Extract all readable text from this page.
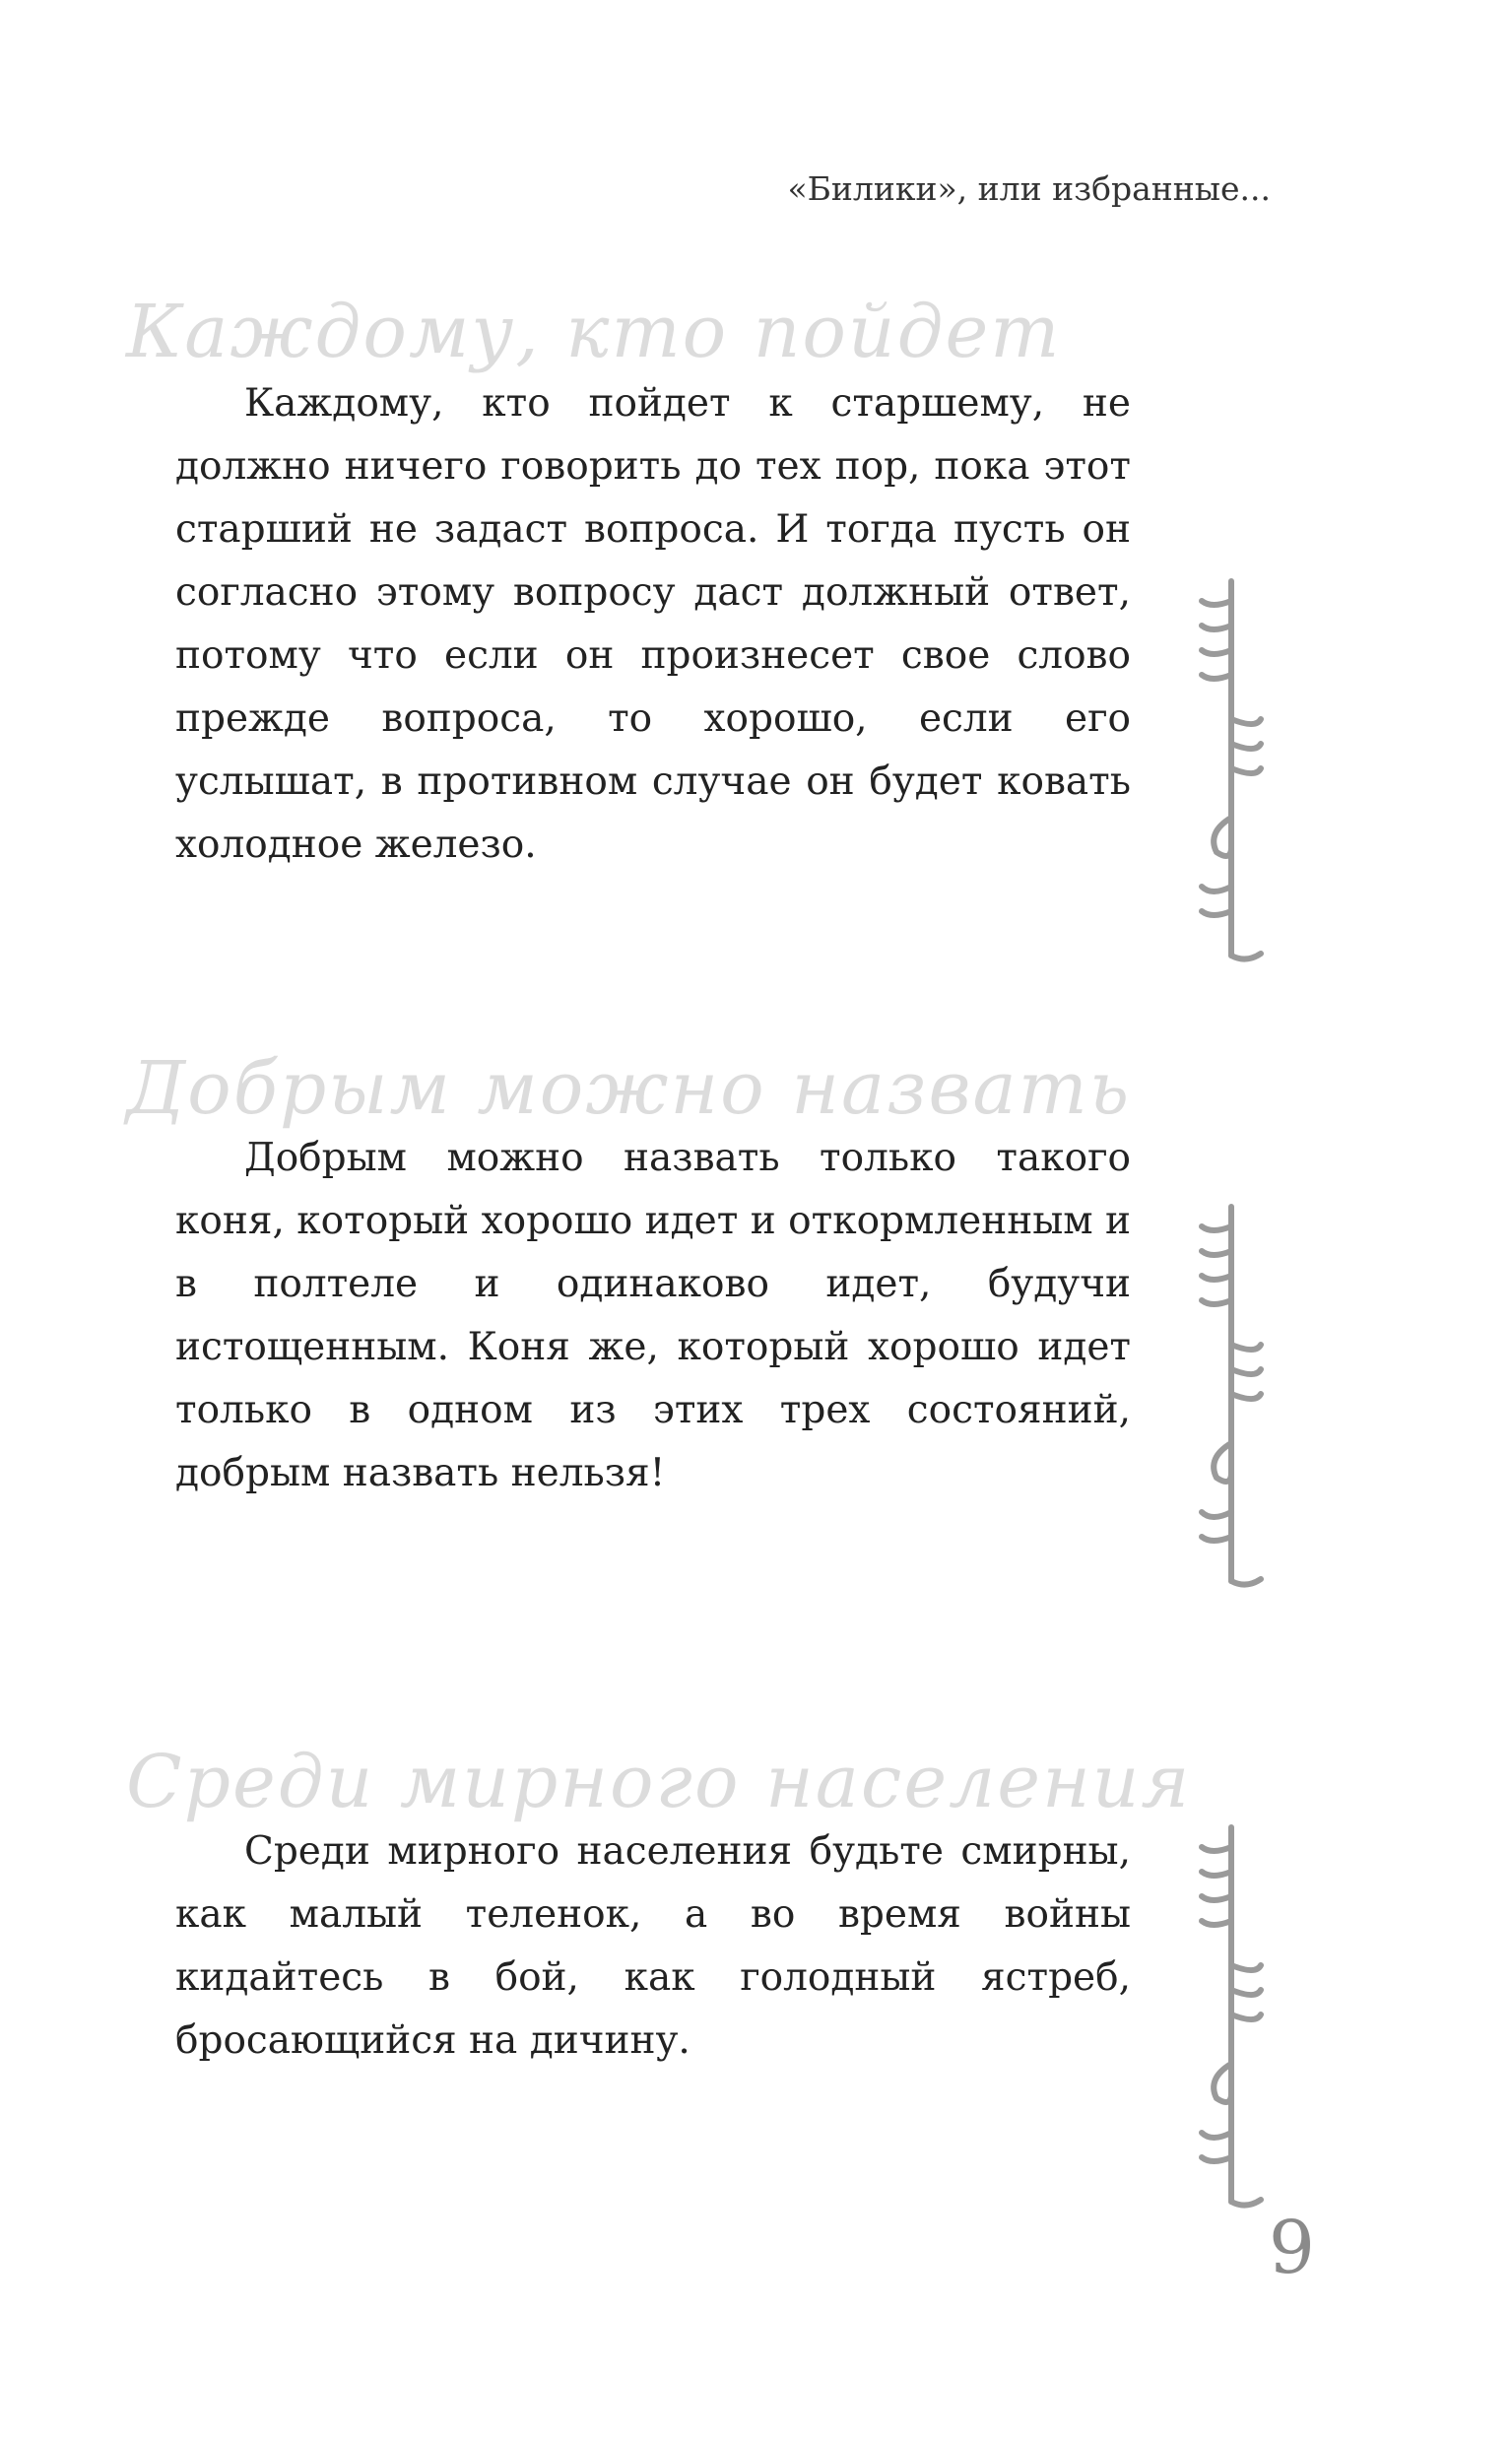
«Билики», или избранные...
Каждому, кто пойдет

Каждому, кто пойдет к старшему, не должно ничего говорить до тех пор, пока этот старший не задаст вопроса. И тогда пусть он согласно этому вопросу даст должный ответ, потому что если он произнесет свое слово прежде вопроса, то хорошо, если его услышат, в противном случае он будет ковать холодное железо.

Добрым можно назвать

Добрым можно назвать только такого коня, который хорошо идет и откормленным и в полтеле и одинаково идет, будучи истощенным. Коня же, который хорошо идет только в одном из этих трех состояний, добрым назвать нельзя!

Среди мирного населения

Среди мирного населения будьте смирны, как малый теленок, а во время войны кидайтесь в бой, как голодный ястреб, бросающийся на дичину.

9
